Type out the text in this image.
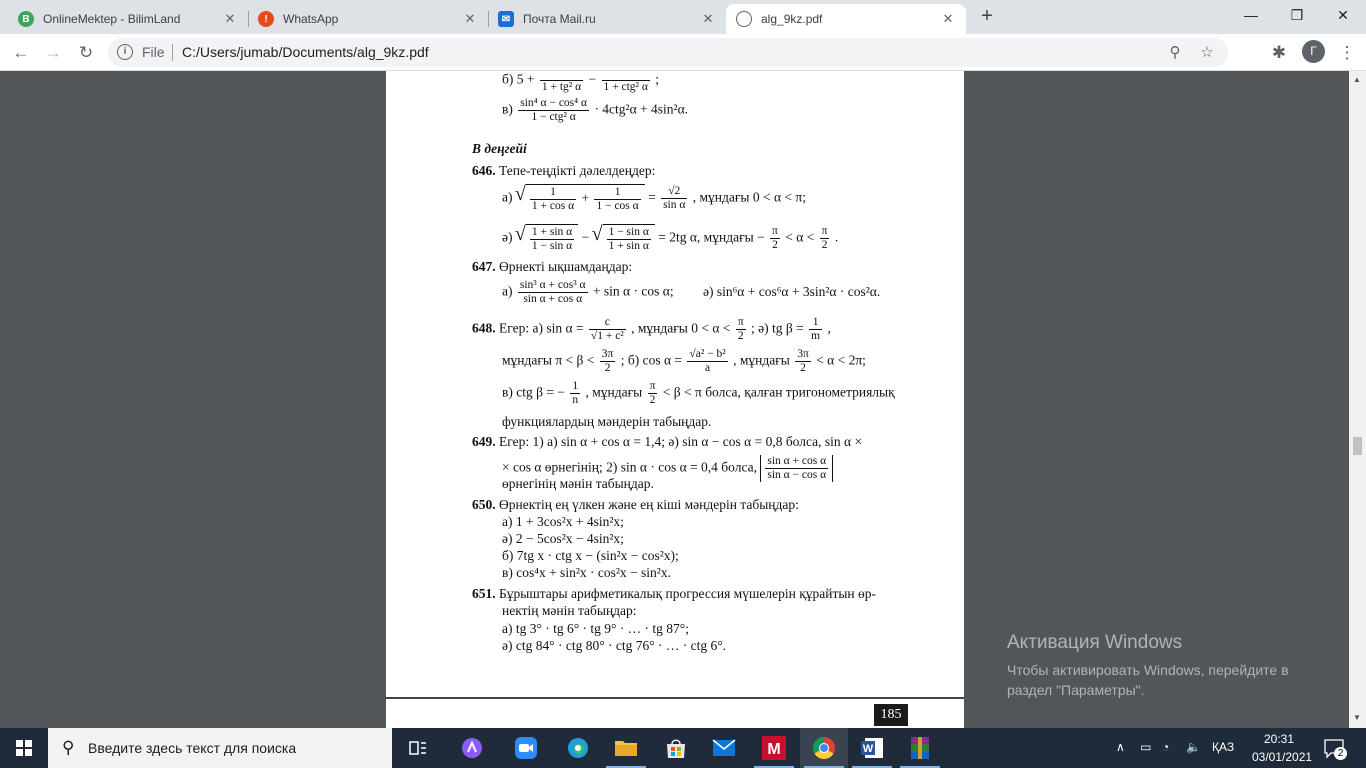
B	OnlineMektep - BilimLand	✕	!	WhatsApp	✕	✉	Почта Mail.ru	✕	alg_9kz.pdf	✕ +	—	❐	✕
← →	↻	i	File C:/Users/jumab/Documents/alg_9kz.pdf	⚲	☆	✱	⋮
Г
185
б) 5 +

1 + tg² α
−

1 + ctg² α
;
$в) \frac{\text{sin⁴ α − cos⁴ α}}{\text{1 − ctg² α}} \cdot 4ctg^2\alpha + 4\sin^2\alpha$.
В деңгейі
646. Тепе-теңдікті дәлелдеңдер:
а) √ $\frac{1}{\text{1 + cos α}} + \frac{1}{\text{1 − cos α}} = \frac{√2}{\text{sin α}}$ , мұндағы 0 < α < π;
ә) √ $\frac{\text{1 + sin α}}{\text{1 − sin α}}$ − √ $\frac{\text{1 − sin α}}{\text{1 + sin α}} = 2tg$ α, мұндағы − $\frac{\pi}{2} < \alpha < \frac{\pi}{2}$ .
647. Өрнекті ықшамдаңдар:
$а) \frac{\text{sin³ α + cos³ α}}{\text{sin α + cos α}} + \sin \alpha \cdot \cos \alpha$; ә) sin⁶α + cos⁶α + 3sin²α · cos²α.
648. Егер: а) $\sin \alpha = \frac{c}{\text{√1 + c²}}$ , мұндағы $0 < \alpha < \frac{\pi}{2}$ ; ә) tg $\beta = \frac{1}{m}$ ,
мұндағы $\pi < \beta < \frac{3\pi}{2}$ ; б) $\cos \alpha = \frac{\text{√a² − b²}}{a}$ , мұндағы $\frac{3\pi}{2} < \alpha < 2\pi$;
в) ctg β = − $\frac{1}{n}$ , мұндағы $\frac{\pi}{2} < \beta < \pi$ болса, қалған тригонометриялық
функциялардың мәндерін табыңдар.
649. Егер: 1) а) sin α + cos α = 1,4; ә) sin α − cos α = 0,8 болса, sin α ×
× cos α өрнегінің; 2) sin α · cos α = 0,4 болса, $\frac{\text{sin α + cos α}}{\text{sin α − cos α}}$
өрнегінің мәнін табыңдар.
650. Өрнектің ең үлкен және ең кіші мәндерін табыңдар:
а) 1 + 3cos²x + 4sin²x;
ә) 2 − 5cos²x − 4sin²x;
б) 7tg x · ctg x − (sin²x − cos²x);
в) cos⁴x + sin²x · cos²x − sin²x.
651. Бұрыштары арифметикалық прогрессия мүшелерін құрайтын өр-
нектің мәнін табыңдар:
а) tg 3° · tg 6° · tg 9° · … · tg 87°;
ә) ctg 84° · ctg 80° · ctg 76° · … · ctg 6°.
▲
▼
Активация Windows
Чтобы активировать Windows, перейдите в раздел "Параметры".
⚲ Введите здесь текст для поиска	M	W	∧ ▭ ◔ 🔈 ҚАЗ
20:31
03/01/2021	2
